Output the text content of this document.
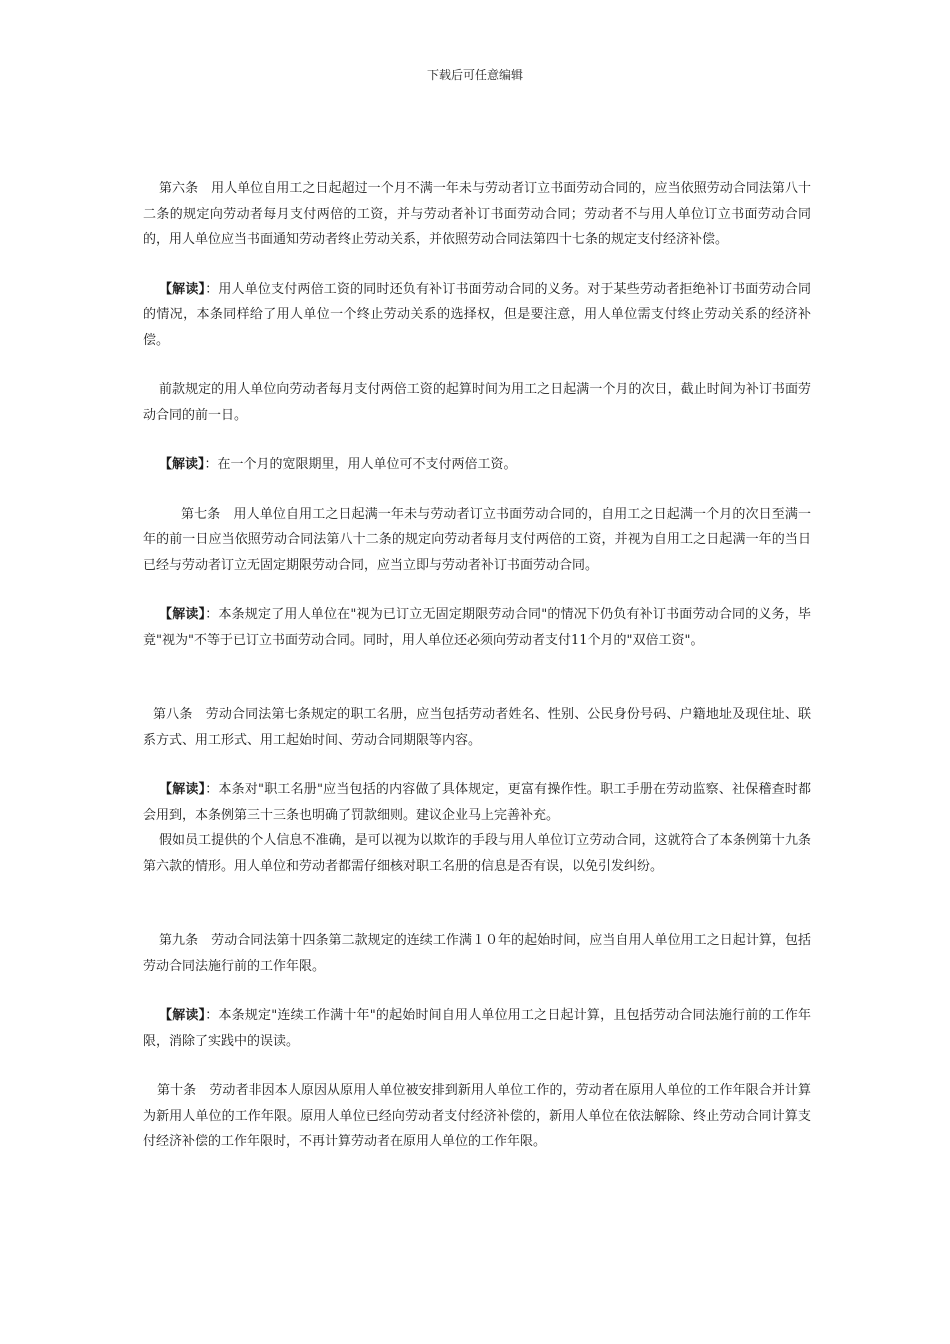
下载后可任意编辑

第六条　用人单位自用工之日起超过一个月不满一年未与劳动者订立书面劳动合同的，应当依照劳动合同法第八十二条的规定向劳动者每月支付两倍的工资，并与劳动者补订书面劳动合同；劳动者不与用人单位订立书面劳动合同的，用人单位应当书面通知劳动者终止劳动关系，并依照劳动合同法第四十七条的规定支付经济补偿。

【解读】：用人单位支付两倍工资的同时还负有补订书面劳动合同的义务。对于某些劳动者拒绝补订书面劳动合同的情况，本条同样给了用人单位一个终止劳动关系的选择权，但是要注意，用人单位需支付终止劳动关系的经济补偿。

前款规定的用人单位向劳动者每月支付两倍工资的起算时间为用工之日起满一个月的次日，截止时间为补订书面劳动合同的前一日。

【解读】：在一个月的宽限期里，用人单位可不支付两倍工资。

第七条　用人单位自用工之日起满一年未与劳动者订立书面劳动合同的，自用工之日起满一个月的次日至满一年的前一日应当依照劳动合同法第八十二条的规定向劳动者每月支付两倍的工资，并视为自用工之日起满一年的当日已经与劳动者订立无固定期限劳动合同，应当立即与劳动者补订书面劳动合同。

【解读】：本条规定了用人单位在"视为已订立无固定期限劳动合同"的情况下仍负有补订书面劳动合同的义务，毕竟"视为"不等于已订立书面劳动合同。同时，用人单位还必须向劳动者支付11个月的"双倍工资"。

第八条　劳动合同法第七条规定的职工名册，应当包括劳动者姓名、性别、公民身份号码、户籍地址及现住址、联系方式、用工形式、用工起始时间、劳动合同期限等内容。

【解读】：本条对"职工名册"应当包括的内容做了具体规定，更富有操作性。职工手册在劳动监察、社保稽查时都会用到，本条例第三十三条也明确了罚款细则。建议企业马上完善补充。

假如员工提供的个人信息不准确，是可以视为以欺诈的手段与用人单位订立劳动合同，这就符合了本条例第十九条第六款的情形。用人单位和劳动者都需仔细核对职工名册的信息是否有误，以免引发纠纷。

第九条　劳动合同法第十四条第二款规定的连续工作满１０年的起始时间，应当自用人单位用工之日起计算，包括劳动合同法施行前的工作年限。

【解读】：本条规定"连续工作满十年"的起始时间自用人单位用工之日起计算，且包括劳动合同法施行前的工作年限，消除了实践中的误读。

第十条　劳动者非因本人原因从原用人单位被安排到新用人单位工作的，劳动者在原用人单位的工作年限合并计算为新用人单位的工作年限。原用人单位已经向劳动者支付经济补偿的，新用人单位在依法解除、终止劳动合同计算支付经济补偿的工作年限时，不再计算劳动者在原用人单位的工作年限。
